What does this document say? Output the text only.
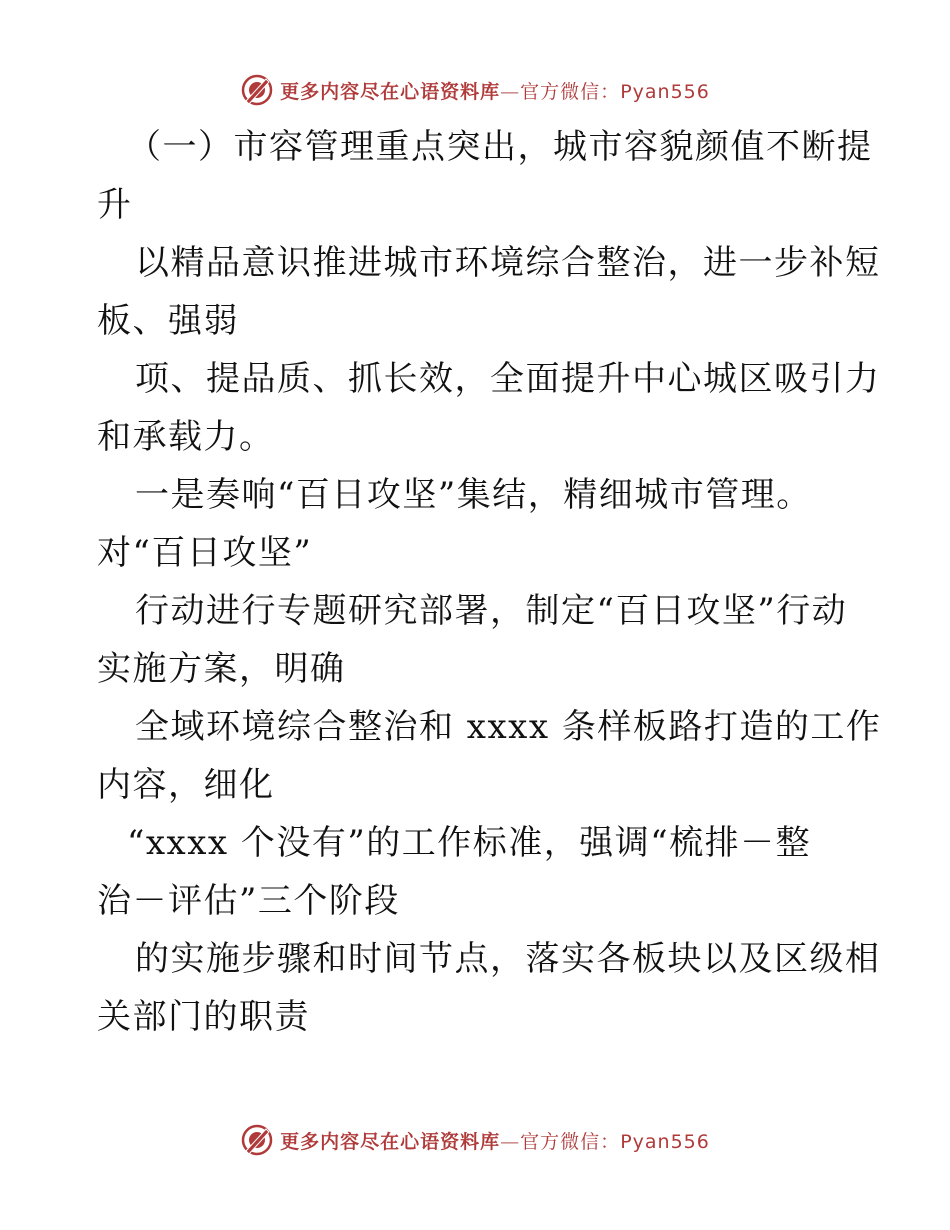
更多内容尽在心语资料库—官方微信：Pyan556
（一）市容管理重点突出，城市容貌颜值不断提
升
以精品意识推进城市环境综合整治，进一步补短
板、强弱
项、提品质、抓长效，全面提升中心城区吸引力
和承载力。
一是奏响“百日攻坚”集结，精细城市管理。
对“百日攻坚”
行动进行专题研究部署，制定“百日攻坚”行动
实施方案，明确
全域环境综合整治和 xxxx 条样板路打造的工作
内容，细化
“xxxx 个没有”的工作标准，强调“梳排－整
治－评估”三个阶段
的实施步骤和时间节点，落实各板块以及区级相
关部门的职责
更多内容尽在心语资料库—官方微信：Pyan556
